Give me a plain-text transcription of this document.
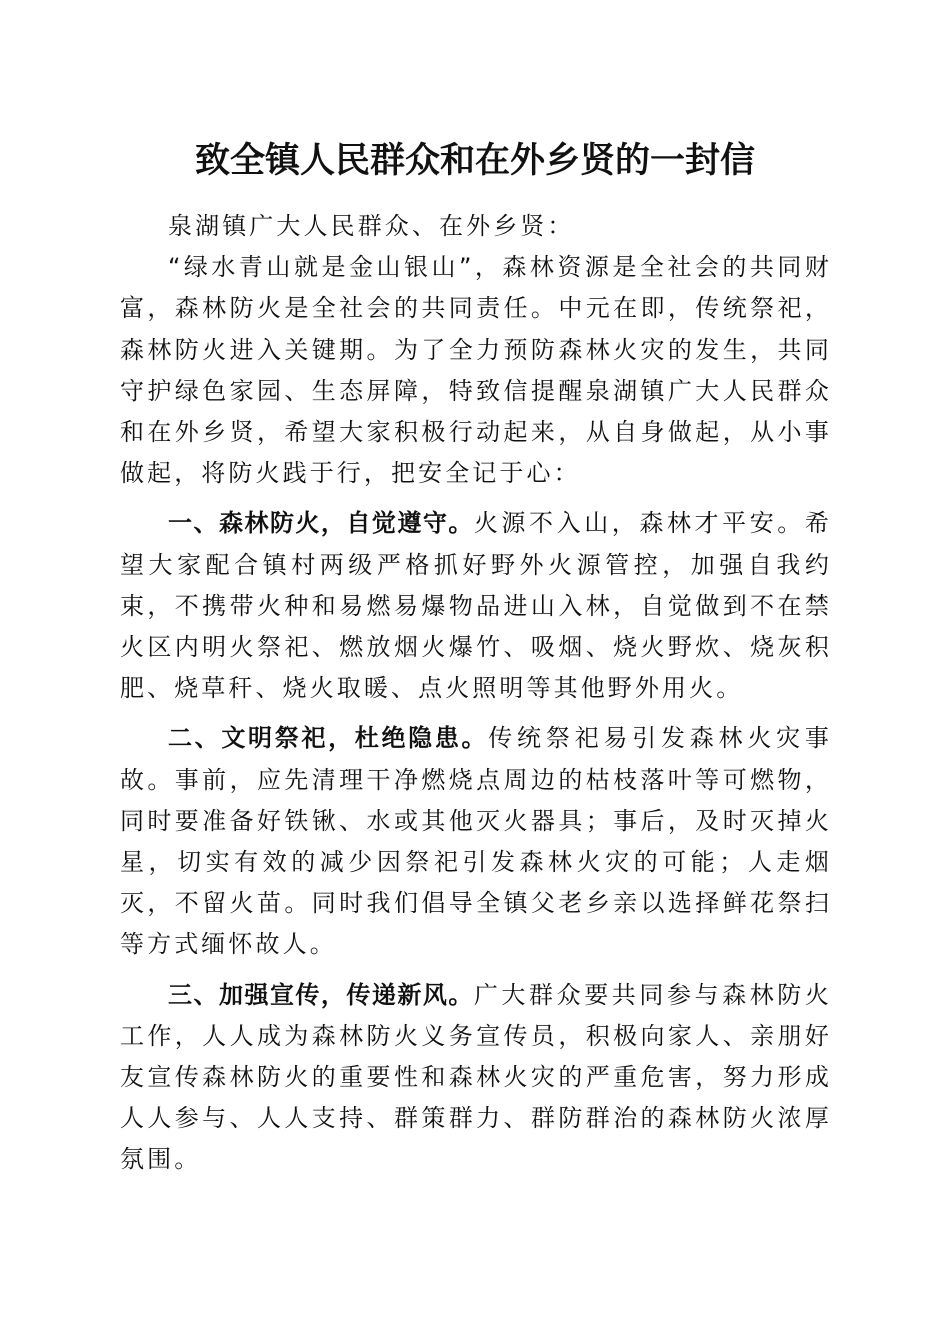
致全镇人民群众和在外乡贤的一封信

泉湖镇广大人民群众、在外乡贤：

“绿水青山就是金山银山”，森林资源是全社会的共同财富，森林防火是全社会的共同责任。中元在即，传统祭祀，森林防火进入关键期。为了全力预防森林火灾的发生，共同守护绿色家园、生态屏障，特致信提醒泉湖镇广大人民群众和在外乡贤，希望大家积极行动起来，从自身做起，从小事做起，将防火践于行，把安全记于心：

一、森林防火，自觉遵守。火源不入山，森林才平安。希望大家配合镇村两级严格抓好野外火源管控，加强自我约束，不携带火种和易燃易爆物品进山入林，自觉做到不在禁火区内明火祭祀、燃放烟火爆竹、吸烟、烧火野炊、烧灰积肥、烧草秆、烧火取暖、点火照明等其他野外用火。

二、文明祭祀，杜绝隐患。传统祭祀易引发森林火灾事故。事前，应先清理干净燃烧点周边的枯枝落叶等可燃物，同时要准备好铁锹、水或其他灭火器具；事后，及时灭掉火星，切实有效的减少因祭祀引发森林火灾的可能；人走烟灭，不留火苗。同时我们倡导全镇父老乡亲以选择鲜花祭扫等方式缅怀故人。

三、加强宣传，传递新风。广大群众要共同参与森林防火工作，人人成为森林防火义务宣传员，积极向家人、亲朋好友宣传森林防火的重要性和森林火灾的严重危害，努力形成人人参与、人人支持、群策群力、群防群治的森林防火浓厚氛围。
